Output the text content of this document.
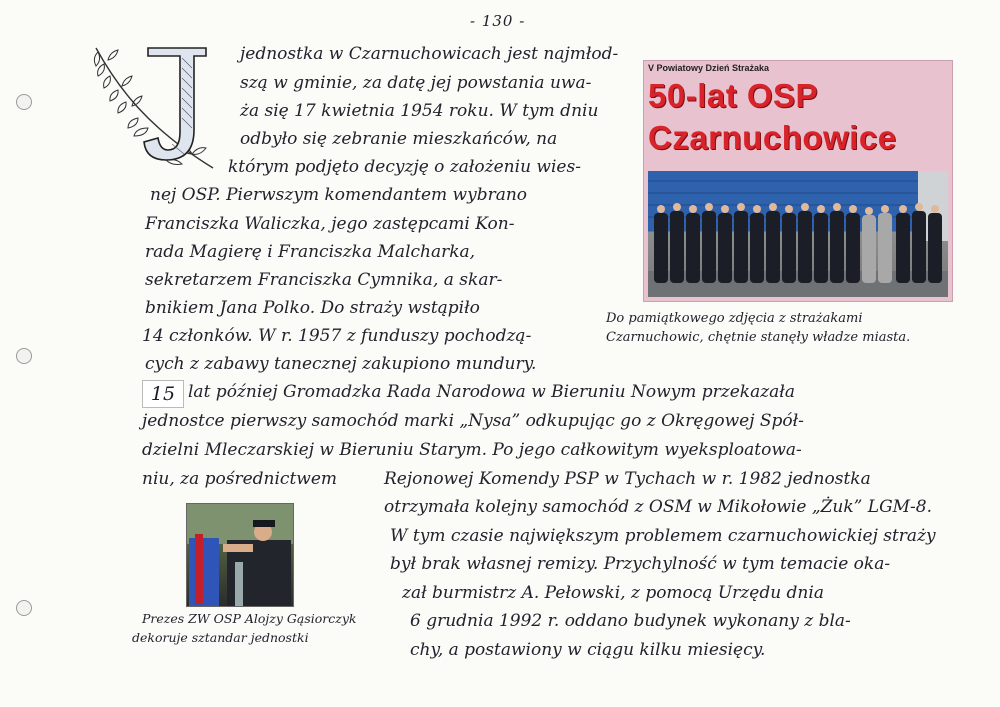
- 130 -
jednostka w Czarnuchowicach jest najmłod-
szą w gminie, za datę jej powstania uwa-
ża się 17 kwietnia 1954 roku. W tym dniu
odbyło się zebranie mieszkańców, na
którym podjęto decyzję o założeniu wies-
nej OSP. Pierwszym komendantem wybrano
Franciszka Waliczka, jego zastępcami Kon-
rada Magierę i Franciszka Malcharka,
sekretarzem Franciszka Cymnika, a skar-
bnikiem Jana Polko. Do straży wstąpiło
14 członków. W r. 1957 z funduszy pochodzą-
cych z zabawy tanecznej zakupiono mundury.
V Powiatowy Dzień Strażaka
50-lat OSP
Czarnuchowice
Do pamiątkowego zdjęcia z strażakami
Czarnuchowic, chętnie stanęły władze miasta.
15 lat później Gromadzka Rada Narodowa w Bieruniu Nowym przekazała
jednostce pierwszy samochód marki „Nysa” odkupując go z Okręgowej Spół-
dzielni Mleczarskiej w Bieruniu Starym. Po jego całkowitym wyeksploatowa-
niu, za pośrednictwem	Rejonowej Komendy PSP w Tychach w r. 1982 jednostka
otrzymała kolejny samochód z OSM w Mikołowie „Żuk” LGM-8.
W tym czasie największym problemem czarnuchowickiej straży
był brak własnej remizy. Przychylność w tym temacie oka-
zał burmistrz A. Pełowski, z pomocą Urzędu dnia
6 grudnia 1992 r. oddano budynek wykonany z bla-
chy, a postawiony w ciągu kilku miesięcy.
Prezes ZW OSP Alojzy Gąsiorczyk
dekoruje sztandar jednostki
